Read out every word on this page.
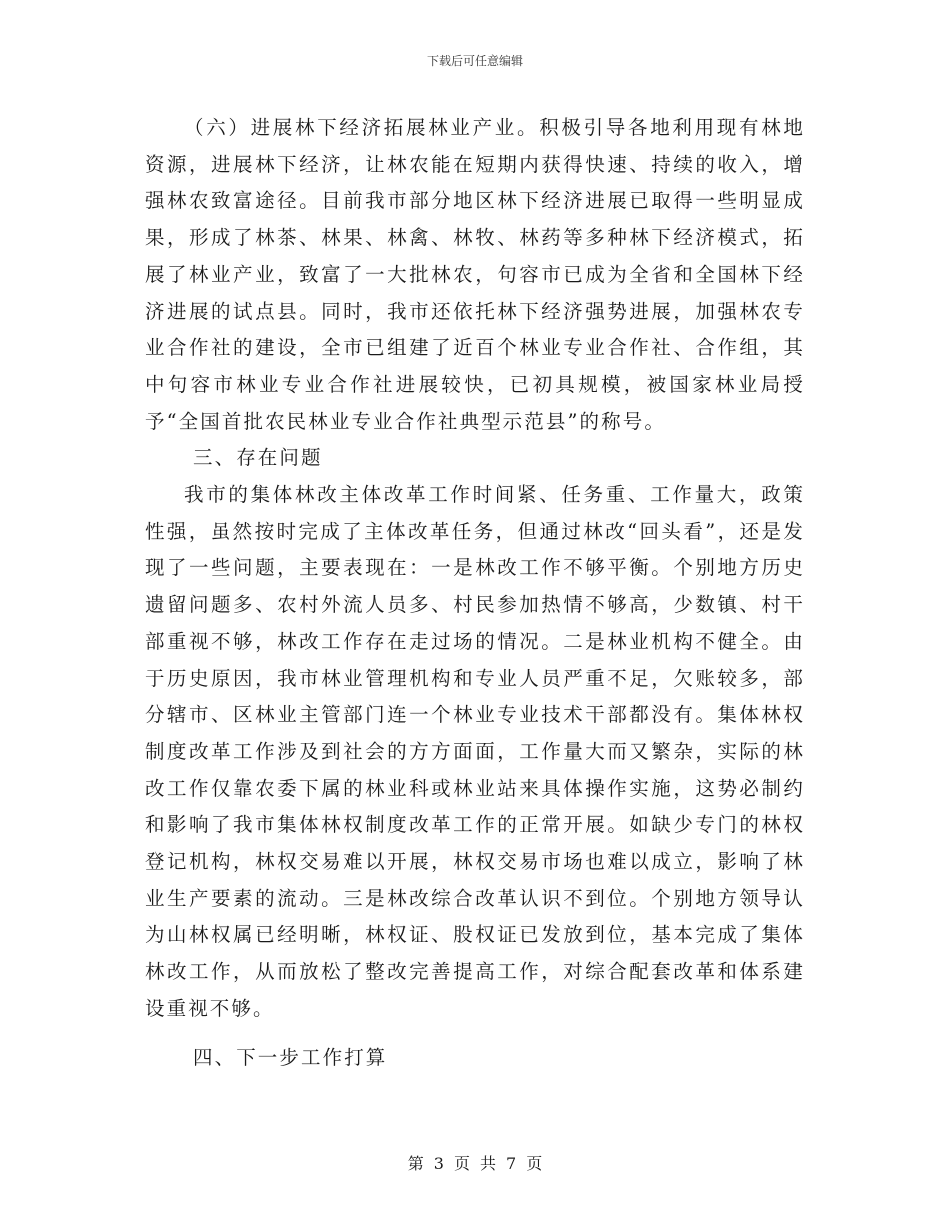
下载后可任意编辑

（六）进展林下经济拓展林业产业。积极引导各地利用现有林地资源，进展林下经济，让林农能在短期内获得快速、持续的收入，增强林农致富途径。目前我市部分地区林下经济进展已取得一些明显成果，形成了林茶、林果、林禽、林牧、林药等多种林下经济模式，拓展了林业产业，致富了一大批林农，句容市已成为全省和全国林下经济进展的试点县。同时，我市还依托林下经济强势进展，加强林农专业合作社的建设，全市已组建了近百个林业专业合作社、合作组，其中句容市林业专业合作社进展较快，已初具规模，被国家林业局授予“全国首批农民林业专业合作社典型示范县”的称号。

三、存在问题

我市的集体林改主体改革工作时间紧、任务重、工作量大，政策性强，虽然按时完成了主体改革任务，但通过林改“回头看”，还是发现了一些问题，主要表现在：一是林改工作不够平衡。个别地方历史遗留问题多、农村外流人员多、村民参加热情不够高，少数镇、村干部重视不够，林改工作存在走过场的情况。二是林业机构不健全。由于历史原因，我市林业管理机构和专业人员严重不足，欠账较多，部分辖市、区林业主管部门连一个林业专业技术干部都没有。集体林权制度改革工作涉及到社会的方方面面，工作量大而又繁杂，实际的林改工作仅靠农委下属的林业科或林业站来具体操作实施，这势必制约和影响了我市集体林权制度改革工作的正常开展。如缺少专门的林权登记机构，林权交易难以开展，林权交易市场也难以成立，影响了林业生产要素的流动。三是林改综合改革认识不到位。个别地方领导认为山林权属已经明晰，林权证、股权证已发放到位，基本完成了集体林改工作，从而放松了整改完善提高工作，对综合配套改革和体系建设重视不够。

四、下一步工作打算

第 3 页 共 7 页
